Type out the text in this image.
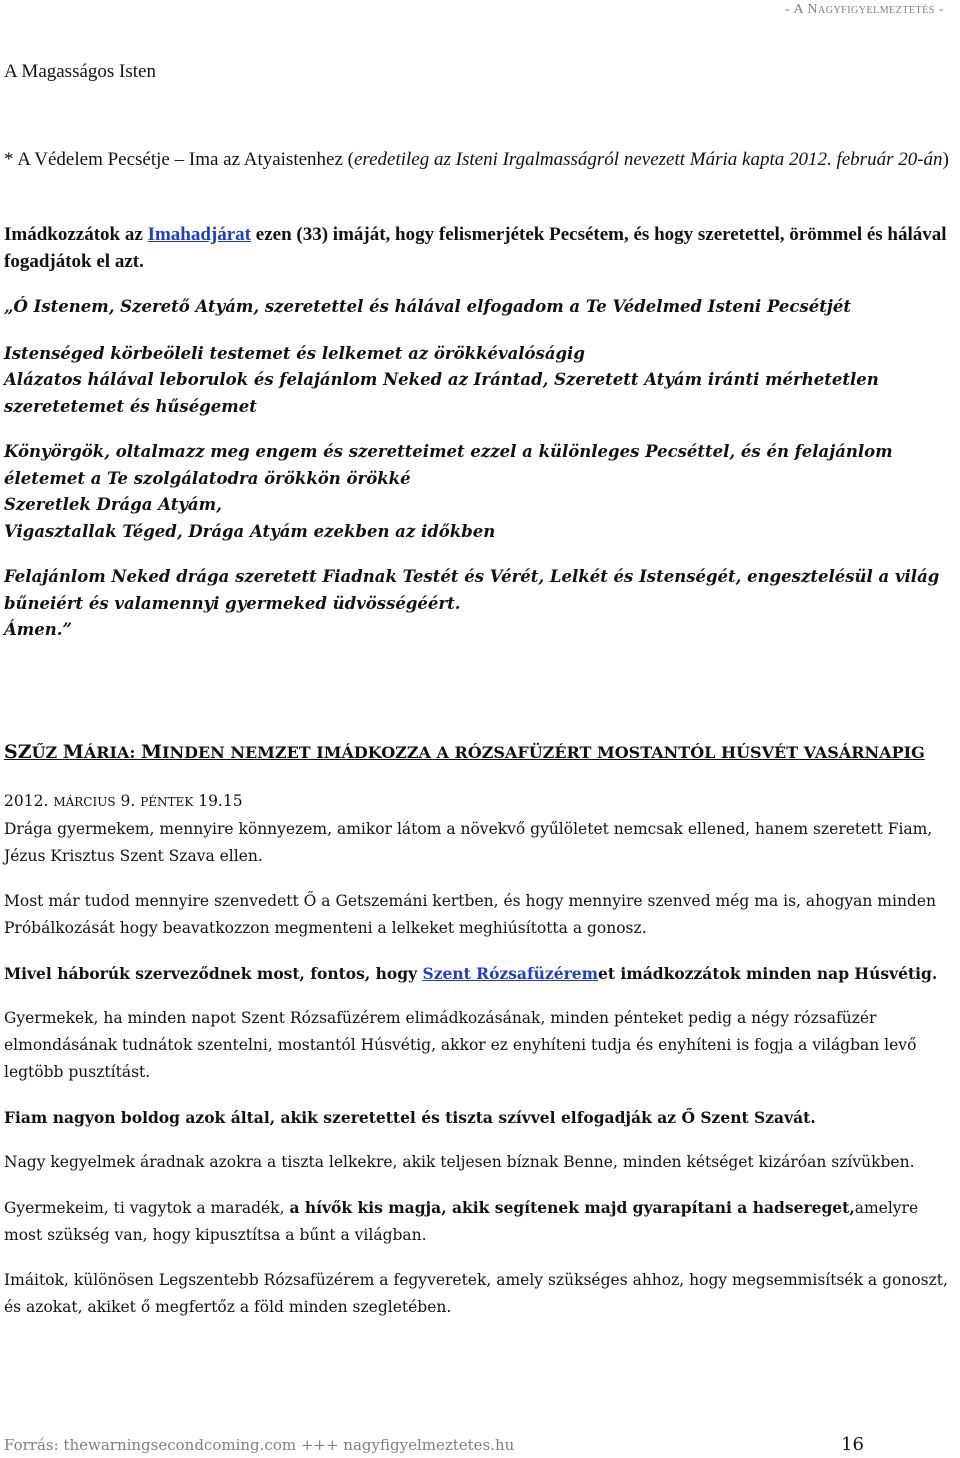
- A Nagyfigyelmeztetés -

A Magasságos Isten

* A Védelem Pecsétje – Ima az Atyaistenhez (eredetileg az Isteni Irgalmasságról nevezett Mária kapta 2012. február 20-án)

Imádkozzátok az Imahadjárat ezen (33) imáját, hogy felismerjétek Pecsétem, és hogy szeretettel, örömmel és hálával fogadjátok el azt.

„Ó Istenem, Szerető Atyám, szeretettel és hálával elfogadom a Te Védelmed Isteni Pecsétjét

Istenséged körbeöleli testemet és lelkemet az örökkévalóságig

Alázatos hálával leborulok és felajánlom Neked az Irántad, Szeretett Atyám iránti mérhetetlen szeretetemet és hűségemet

Könyörgök, oltalmazz meg engem és szeretteimet ezzel a különleges Pecséttel, és én felajánlom életemet a Te szolgálatodra örökkön örökké

Szeretlek Drága Atyám,

Vigasztallak Téged, Drága Atyám ezekben az időkben

Felajánlom Neked drága szeretett Fiadnak Testét és Vérét, Lelkét és Istenségét, engesztelésül a világ bűneiért és valamennyi gyermeked üdvösségéért.

Ámen.”

SZŰZ MÁRIA: MINDEN NEMZET IMÁDKOZZA A RÓZSAFÜZÉRT MOSTANTÓL HÚSVÉT VASÁRNAPIG

2012. MÁRCIUS 9. PÉNTEK 19.15

Drága gyermekem, mennyire könnyezem, amikor látom a növekvő gyűlöletet nemcsak ellened, hanem szeretett Fiam, Jézus Krisztus Szent Szava ellen.

Most már tudod mennyire szenvedett Ő a Getszemáni kertben, és hogy mennyire szenved még ma is, ahogyan minden Próbálkozását hogy beavatkozzon megmenteni a lelkeket meghiúsította a gonosz.

Mivel háborúk szerveződnek most, fontos, hogy Szent Rózsafüzéremet imádkozzátok minden nap Húsvétig.

Gyermekek, ha minden napot Szent Rózsafüzérem elimádkozásának, minden pénteket pedig a négy rózsafüzér elmondásának tudnátok szentelni, mostantól Húsvétig, akkor ez enyhíteni tudja és enyhíteni is fogja a világban levő legtöbb pusztítást.

Fiam nagyon boldog azok által, akik szeretettel és tiszta szívvel elfogadják az Ő Szent Szavát.

Nagy kegyelmek áradnak azokra a tiszta lelkekre, akik teljesen bíznak Benne, minden kétséget kizáróan szívükben.

Gyermekeim, ti vagytok a maradék, a hívők kis magja, akik segítenek majd gyarapítani a hadsereget,amelyre most szükség van, hogy kipusztítsa a bűnt a világban.

Imáitok, különösen Legszentebb Rózsafüzérem a fegyveretek, amely szükséges ahhoz, hogy megsemmisítsék a gonoszt, és azokat, akiket ő megfertőz a föld minden szegletében.

Forrás: thewarningsecondcoming.com +++ nagyfigyelmeztetes.hu	16
